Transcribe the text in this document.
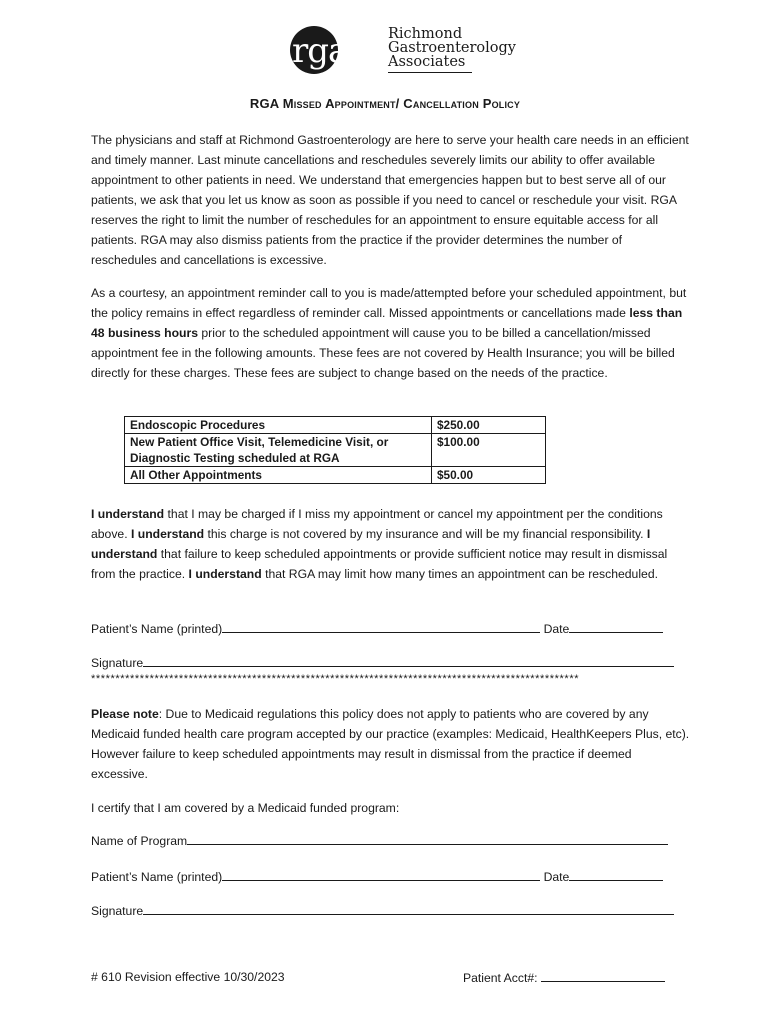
rga	Richmond
Gastroenterology
Associates
RGA Missed Appointment/ Cancellation Policy

The physicians and staff at Richmond Gastroenterology are here to serve your health care needs in an efficient and timely manner. Last minute cancellations and reschedules severely limits our ability to offer available appointment to other patients in need. We understand that emergencies happen but to best serve all of our patients, we ask that you let us know as soon as possible if you need to cancel or reschedule your visit. RGA reserves the right to limit the number of reschedules for an appointment to ensure equitable access for all patients. RGA may also dismiss patients from the practice if the provider determines the number of reschedules and cancellations is excessive.

As a courtesy, an appointment reminder call to you is made/attempted before your scheduled appointment, but the policy remains in effect regardless of reminder call. Missed appointments or cancellations made less than 48 business hours prior to the scheduled appointment will cause you to be billed a cancellation/missed appointment fee in the following amounts. These fees are not covered by Health Insurance; you will be billed directly for these charges. These fees are subject to change based on the needs of the practice.

Endoscopic Procedures	$250.00
New Patient Office Visit, Telemedicine Visit, or Diagnostic Testing scheduled at RGA	$100.00
All Other Appointments	$50.00

I understand that I may be charged if I miss my appointment or cancel my appointment per the conditions above. I understand this charge is not covered by my insurance and will be my financial responsibility. I understand that failure to keep scheduled appointments or provide sufficient notice may result in dismissal from the practice. I understand that RGA may limit how many times an appointment can be rescheduled.

Patient’s Name (printed)	Date
Signature
****************************************************************************************************

Please note: Due to Medicaid regulations this policy does not apply to patients who are covered by any Medicaid funded health care program accepted by our practice (examples: Medicaid, HealthKeepers Plus, etc). However failure to keep scheduled appointments may result in dismissal from the practice if deemed excessive.

I certify that I am covered by a Medicaid funded program:

Name of Program
Patient’s Name (printed)	Date
Signature
# 610 Revision effective 10/30/2023	Patient Acct#:
